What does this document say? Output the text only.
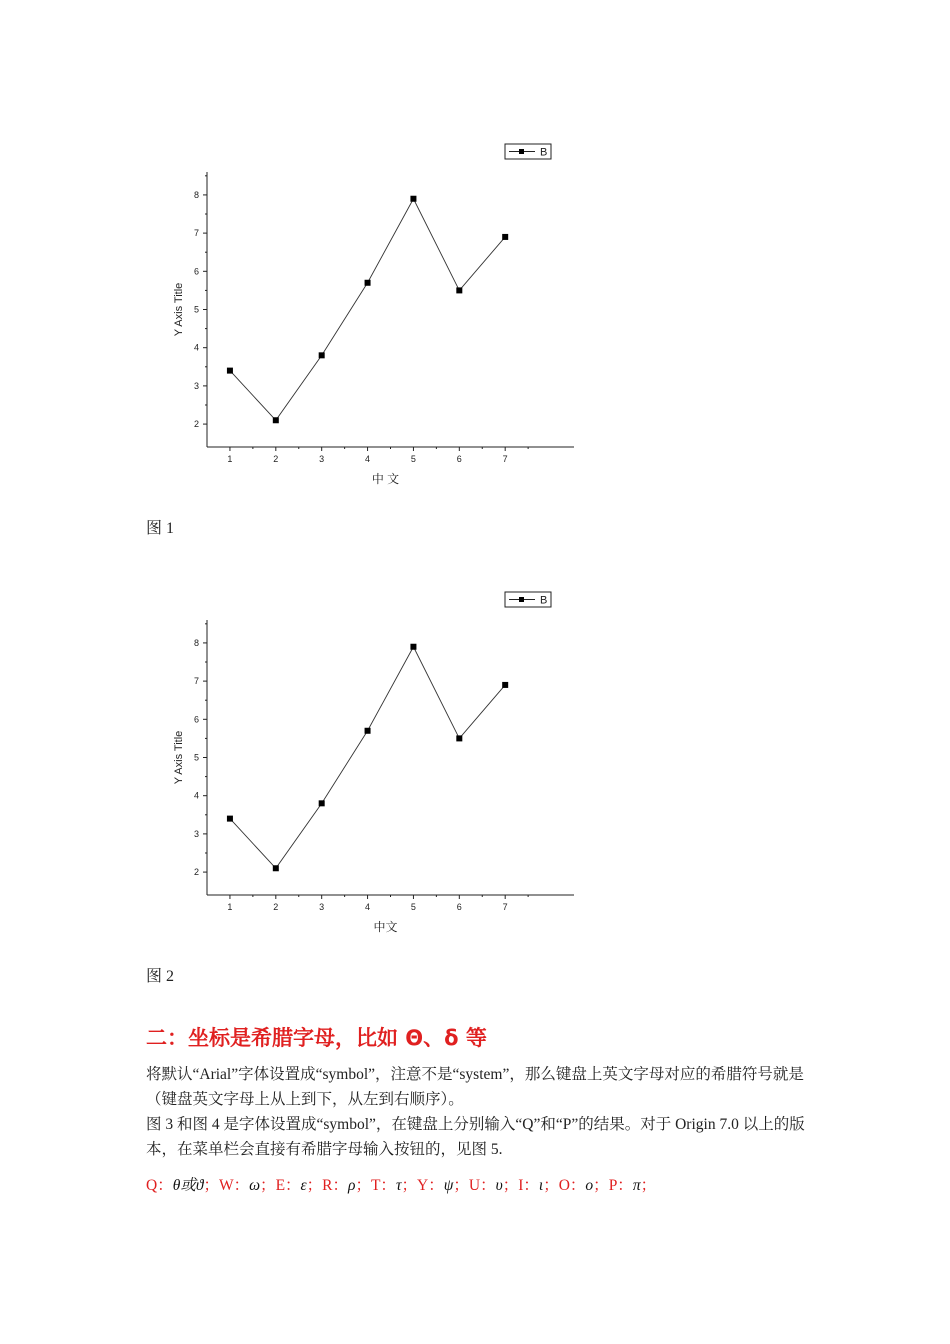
2
3
4
5
6
7
8
1	2	3	4	5	6	7
Y Axis Title
中 文
B
图 1
2
3
4
5
6
7
8
1	2	3	4	5	6	7
Y Axis Title
中文
B
图 2
二：坐标是希腊字母，比如 Θ、δ 等
将默认“Arial”字体设置成“symbol”，注意不是“system”，那么键盘上英文字母对应的希腊符号就是（键盘英文字母上从上到下，从左到右顺序）。
图 3 和图 4 是字体设置成“symbol”，在键盘上分别输入“Q”和“P”的结果。对于 Origin 7.0 以上的版本，在菜单栏会直接有希腊字母输入按钮的，见图 5.
Q：θ或ϑ；W：ω；E：ε；R：ρ；T：τ；Y：ψ；U：υ；I：ι；O：ο；P：π；
